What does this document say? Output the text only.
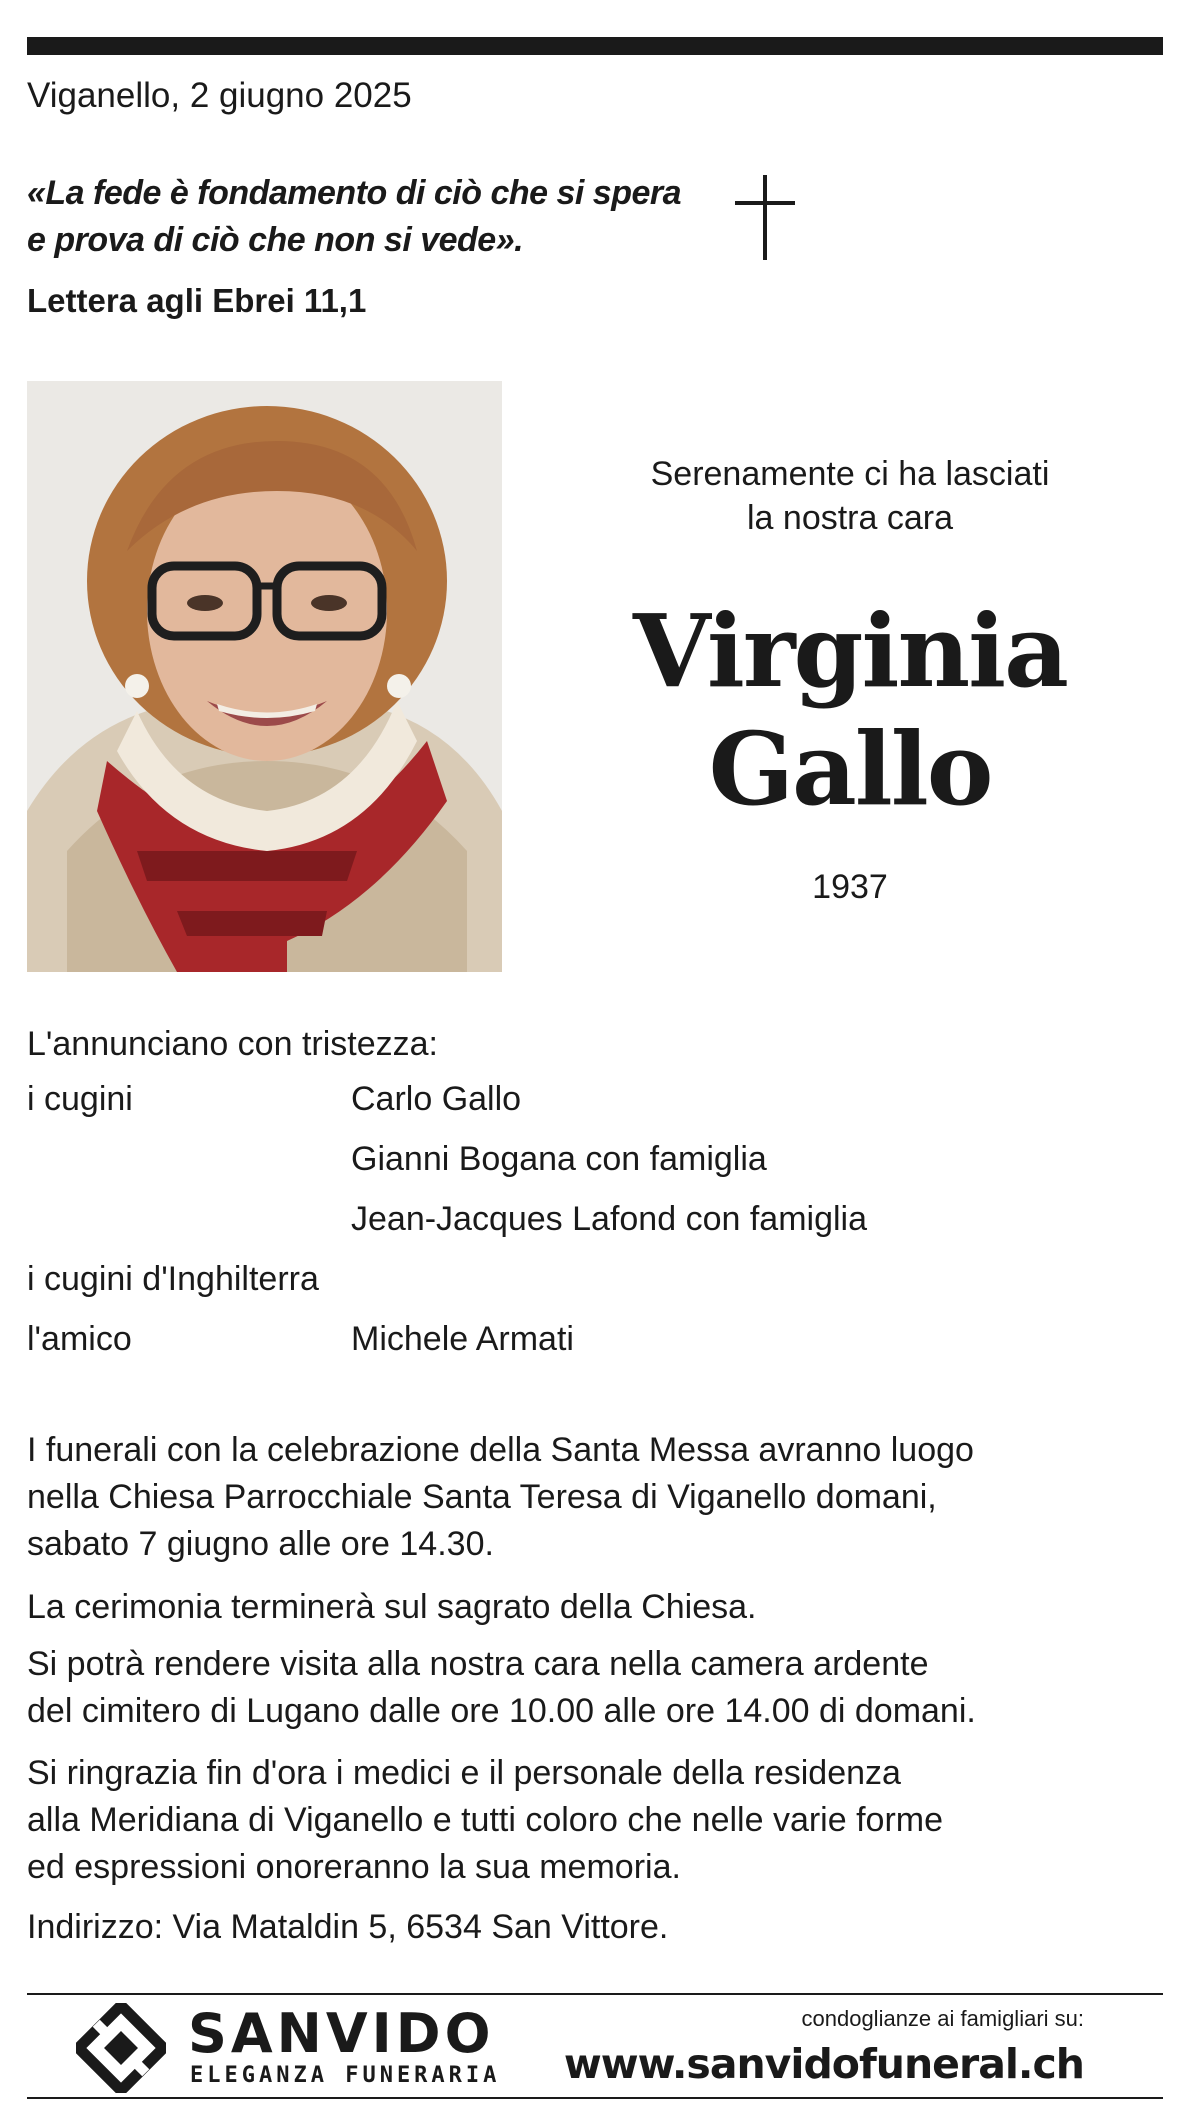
Viganello, 2 giugno 2025
«La fede è fondamento di ciò che si spera
e prova di ciò che non si vede».
Lettera agli Ebrei 11,1
Serenamente ci ha lasciati
la nostra cara
Virginia
Gallo
1937
L'annunciano con tristezza:
i cugini	Carlo Gallo
Gianni Bogana con famiglia
Jean-Jacques Lafond con famiglia
i cugini d'Inghilterra
l'amico	Michele Armati
I funerali con la celebrazione della Santa Messa avranno luogo
nella Chiesa Parrocchiale Santa Teresa di Viganello domani,
sabato 7 giugno alle ore 14.30.
La cerimonia terminerà sul sagrato della Chiesa.
Si potrà rendere visita alla nostra cara nella camera ardente
del cimitero di Lugano dalle ore 10.00 alle ore 14.00 di domani.
Si ringrazia fin d'ora i medici e il personale della residenza
alla Meridiana di Viganello e tutti coloro che nelle varie forme
ed espressioni onoreranno la sua memoria.
Indirizzo: Via Mataldin 5, 6534 San Vittore.
SANVIDO
ELEGANZA FUNERARIA
condoglianze ai famigliari su:
www.sanvidofuneral.ch
